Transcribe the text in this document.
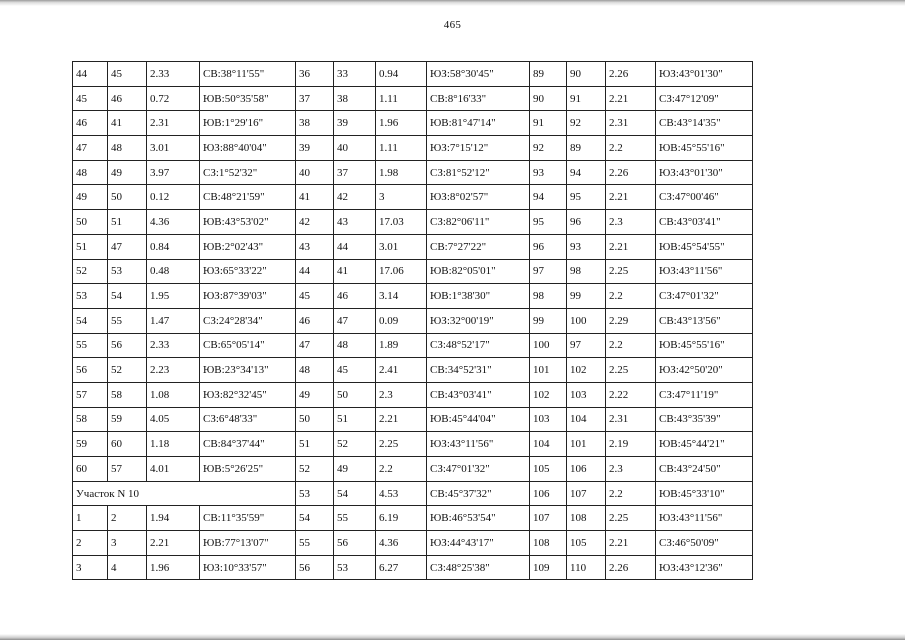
465
44	45	2.33	СВ:38°11'55"	36	33	0.94	ЮЗ:58°30'45"	89	90	2.26	ЮЗ:43°01'30"
45	46	0.72	ЮВ:50°35'58"	37	38	1.11	СВ:8°16'33"	90	91	2.21	СЗ:47°12'09"
46	41	2.31	ЮВ:1°29'16"	38	39	1.96	ЮВ:81°47'14"	91	92	2.31	СВ:43°14'35"
47	48	3.01	ЮЗ:88°40'04"	39	40	1.11	ЮЗ:7°15'12"	92	89	2.2	ЮВ:45°55'16"
48	49	3.97	СЗ:1°52'32"	40	37	1.98	СЗ:81°52'12"	93	94	2.26	ЮЗ:43°01'30"
49	50	0.12	СВ:48°21'59"	41	42	3	ЮЗ:8°02'57"	94	95	2.21	СЗ:47°00'46"
50	51	4.36	ЮВ:43°53'02"	42	43	17.03	СЗ:82°06'11"	95	96	2.3	СВ:43°03'41"
51	47	0.84	ЮВ:2°02'43"	43	44	3.01	СВ:7°27'22"	96	93	2.21	ЮВ:45°54'55"
52	53	0.48	ЮЗ:65°33'22"	44	41	17.06	ЮВ:82°05'01"	97	98	2.25	ЮЗ:43°11'56"
53	54	1.95	ЮЗ:87°39'03"	45	46	3.14	ЮВ:1°38'30"	98	99	2.2	СЗ:47°01'32"
54	55	1.47	СЗ:24°28'34"	46	47	0.09	ЮЗ:32°00'19"	99	100	2.29	СВ:43°13'56"
55	56	2.33	СВ:65°05'14"	47	48	1.89	СЗ:48°52'17"	100	97	2.2	ЮВ:45°55'16"
56	52	2.23	ЮВ:23°34'13"	48	45	2.41	СВ:34°52'31"	101	102	2.25	ЮЗ:42°50'20"
57	58	1.08	ЮЗ:82°32'45"	49	50	2.3	СВ:43°03'41"	102	103	2.22	СЗ:47°11'19"
58	59	4.05	СЗ:6°48'33"	50	51	2.21	ЮВ:45°44'04"	103	104	2.31	СВ:43°35'39"
59	60	1.18	СВ:84°37'44"	51	52	2.25	ЮЗ:43°11'56"	104	101	2.19	ЮВ:45°44'21"
60	57	4.01	ЮВ:5°26'25"	52	49	2.2	СЗ:47°01'32"	105	106	2.3	СВ:43°24'50"
Участок N 10				53	54	4.53	СВ:45°37'32"	106	107	2.2	ЮВ:45°33'10"
1	2	1.94	СВ:11°35'59"	54	55	6.19	ЮВ:46°53'54"	107	108	2.25	ЮЗ:43°11'56"
2	3	2.21	ЮВ:77°13'07"	55	56	4.36	ЮЗ:44°43'17"	108	105	2.21	СЗ:46°50'09"
3	4	1.96	ЮЗ:10°33'57"	56	53	6.27	СЗ:48°25'38"	109	110	2.26	ЮЗ:43°12'36"
